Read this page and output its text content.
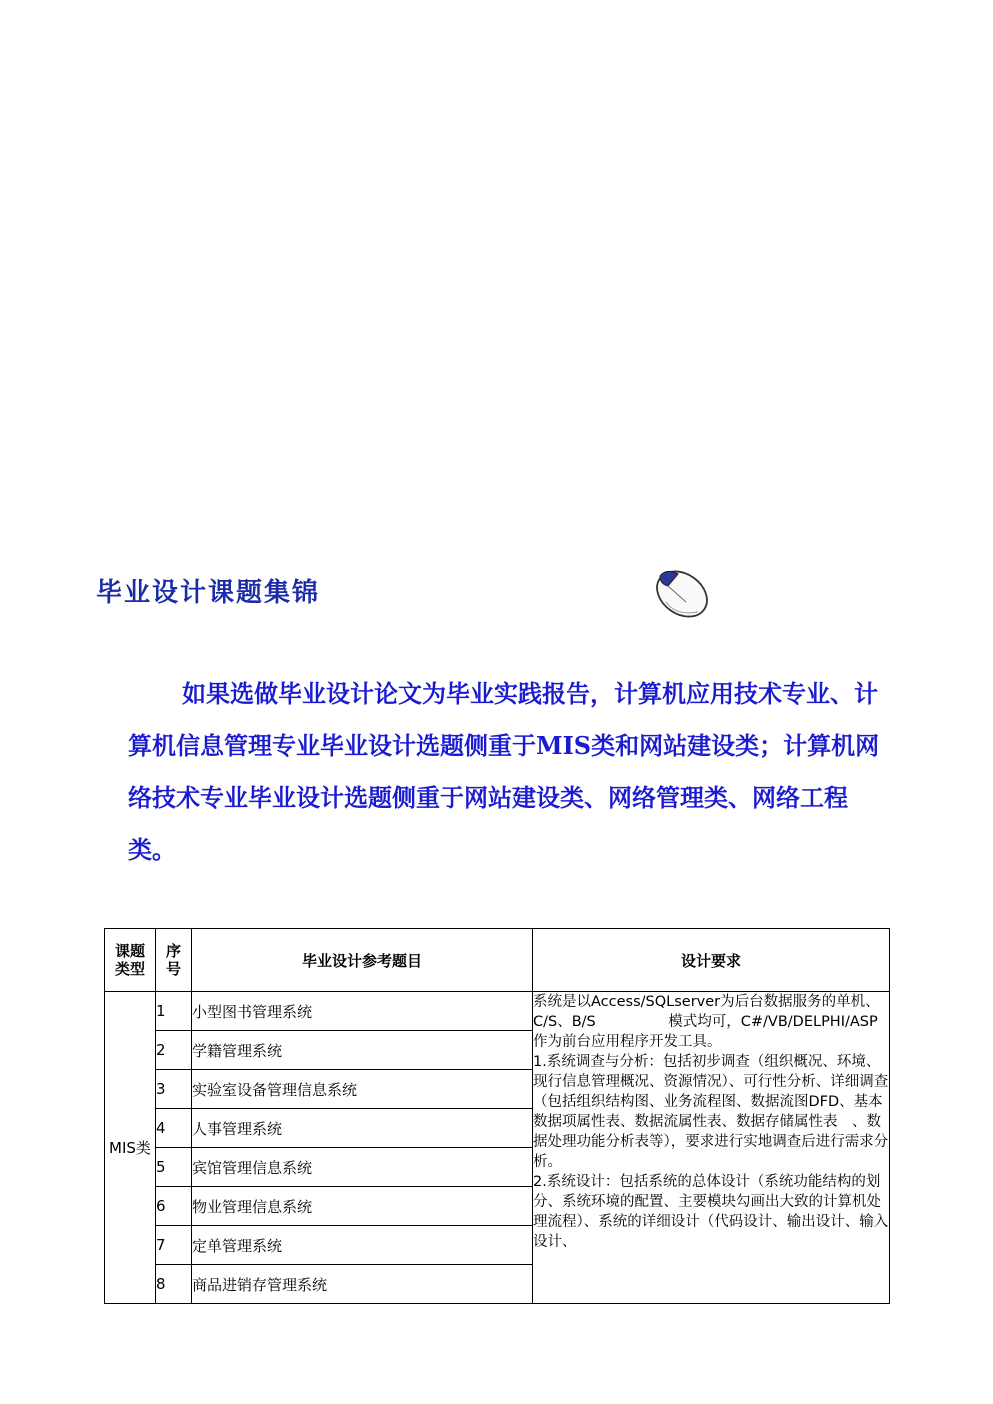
毕业设计课题集锦

如果选做毕业设计论文为毕业实践报告，计算机应用技术专业、计算机信息管理专业毕业设计选题侧重于MIS类和网站建设类；计算机网络技术专业毕业设计选题侧重于网站建设类、网络管理类、网络工程类。

课题
类型	序
号	毕业设计参考题目	设计要求
MIS类	1	小型图书管理系统	系统是以Access/SQLserver为后台数据服务的单机、C/S、B/S　　　　　模式均可，C#/VB/DELPHI/ASP作为前台应用程序开发工具。

1.系统调查与分析：包括初步调查（组织概况、环境、现行信息管理概况、资源情况）、可行性分析、详细调查（包括组织结构图、业务流程图、数据流图DFD、基本数据项属性表、数据流属性表、数据存储属性表　、数据处理功能分析表等），要求进行实地调查后进行需求分析。

2.系统设计：包括系统的总体设计（系统功能结构的划分、系统环境的配置、主要模块勾画出大致的计算机处理流程）、系统的详细设计（代码设计、输出设计、输入设计、

	2	学籍管理系统	
	3	实验室设备管理信息系统	
	4	人事管理系统	
	5	宾馆管理信息系统	
	6	物业管理信息系统	
	7	定单管理系统	
	8	商品进销存管理系统	
